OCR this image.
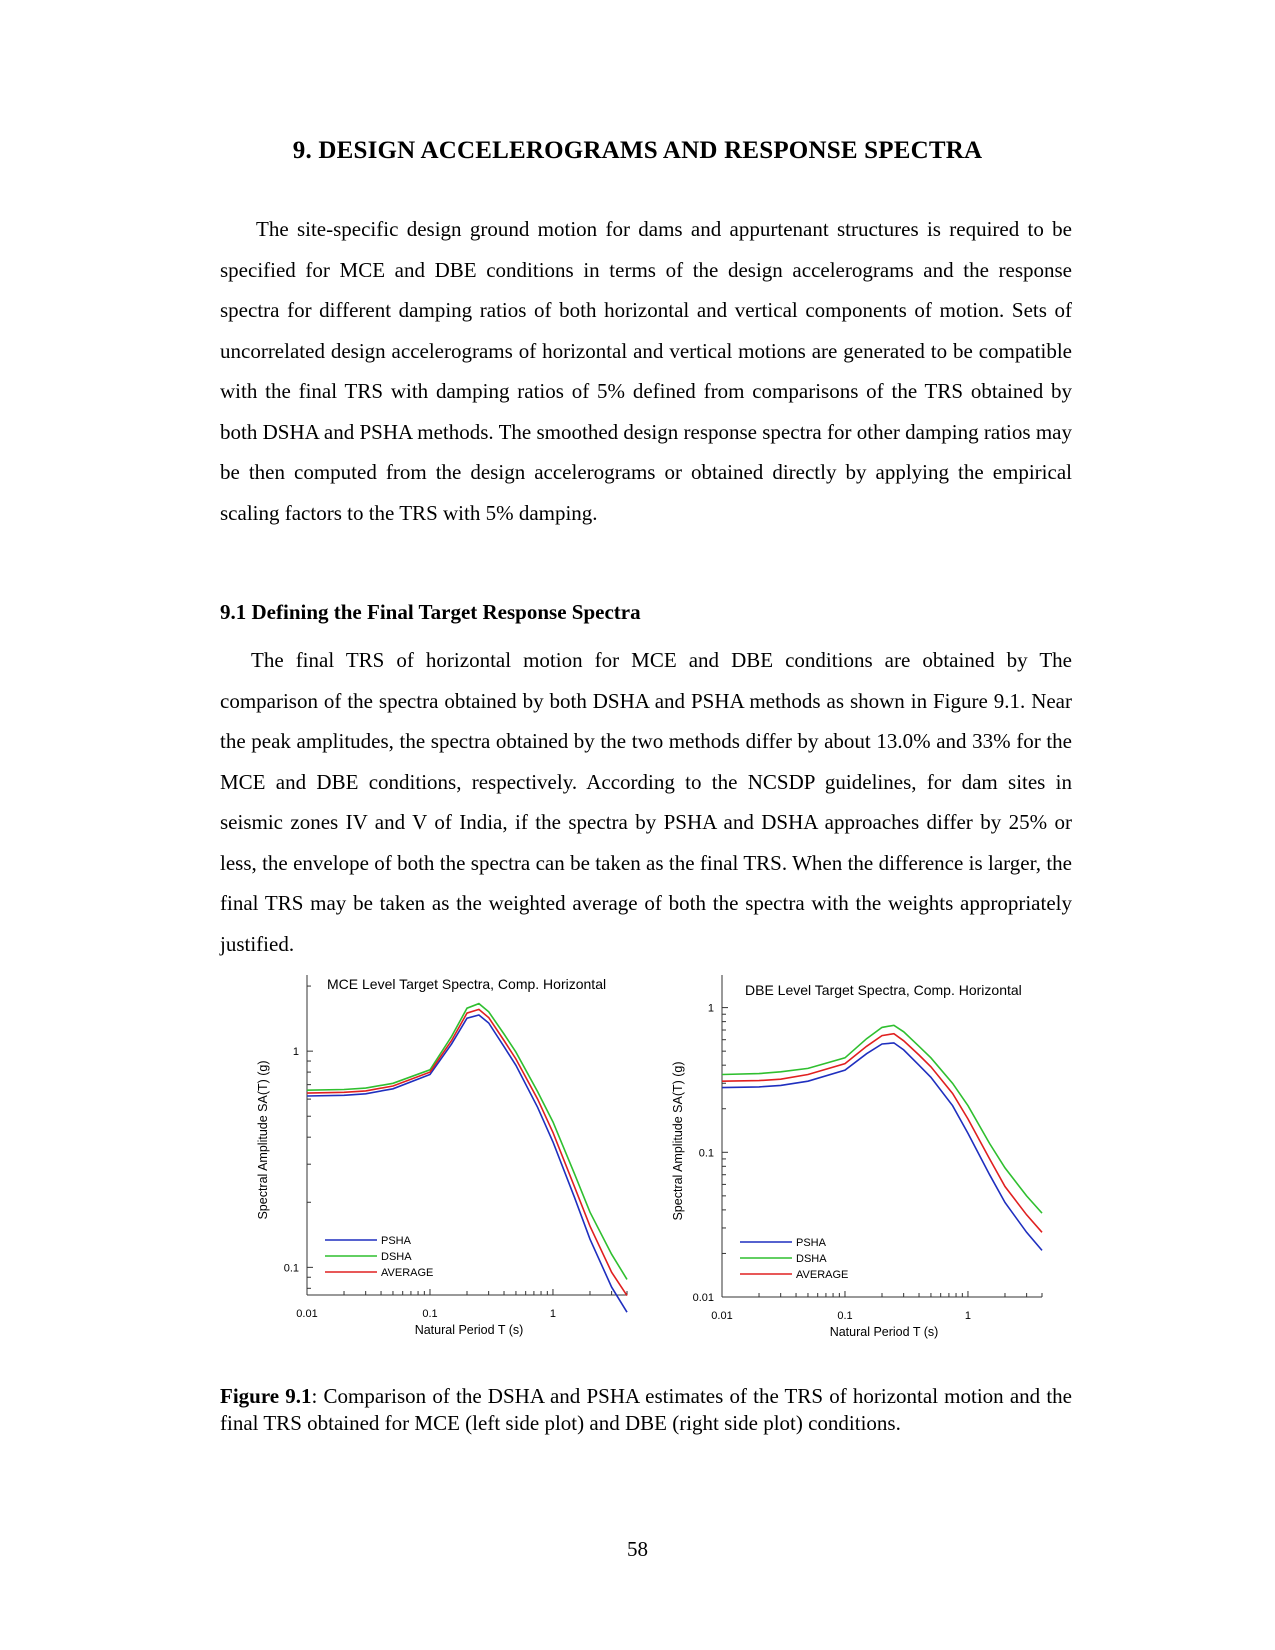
9. DESIGN ACCELEROGRAMS AND RESPONSE SPECTRA

The site-specific design ground motion for dams and appurtenant structures is required to be specified for MCE and DBE conditions in terms of the design accelerograms and the response spectra for different damping ratios of both horizontal and vertical components of motion. Sets of uncorrelated design accelerograms of horizontal and vertical motions are generated to be compatible with the final TRS with damping ratios of 5% defined from comparisons of the TRS obtained by both DSHA and PSHA methods. The smoothed design response spectra for other damping ratios may be then computed from the design accelerograms or obtained directly by applying the empirical scaling factors to the TRS with 5% damping.

9.1 Defining the Final Target Response Spectra

The final TRS of horizontal motion for MCE and DBE conditions are obtained by The comparison of the spectra obtained by both DSHA and PSHA methods as shown in Figure 9.1. Near the peak amplitudes, the spectra obtained by the two methods differ by about 13.0% and 33% for the MCE and DBE conditions, respectively. According to the NCSDP guidelines, for dam sites in seismic zones IV and V of India, if the spectra by PSHA and DSHA approaches differ by 25% or less, the envelope of both the spectra can be taken as the final TRS. When the difference is larger, the final TRS may be taken as the weighted average of both the spectra with the weights appropriately justified.

0.01	0.1	1
0.1
1
MCE Level Target Spectra, Comp. Horizontal
Natural Period T (s)
Spectral Amplitude SA(T) (g)
PSHA
DSHA
AVERAGE
0.01	0.1	1
0.01
0.1
1
DBE Level Target Spectra, Comp. Horizontal
Natural Period T (s)
Spectral Amplitude SA(T) (g)
PSHA
DSHA
AVERAGE

Figure 9.1: Comparison of the DSHA and PSHA estimates of the TRS of horizontal motion and the final TRS obtained for MCE (left side plot) and DBE (right side plot) conditions.

58
